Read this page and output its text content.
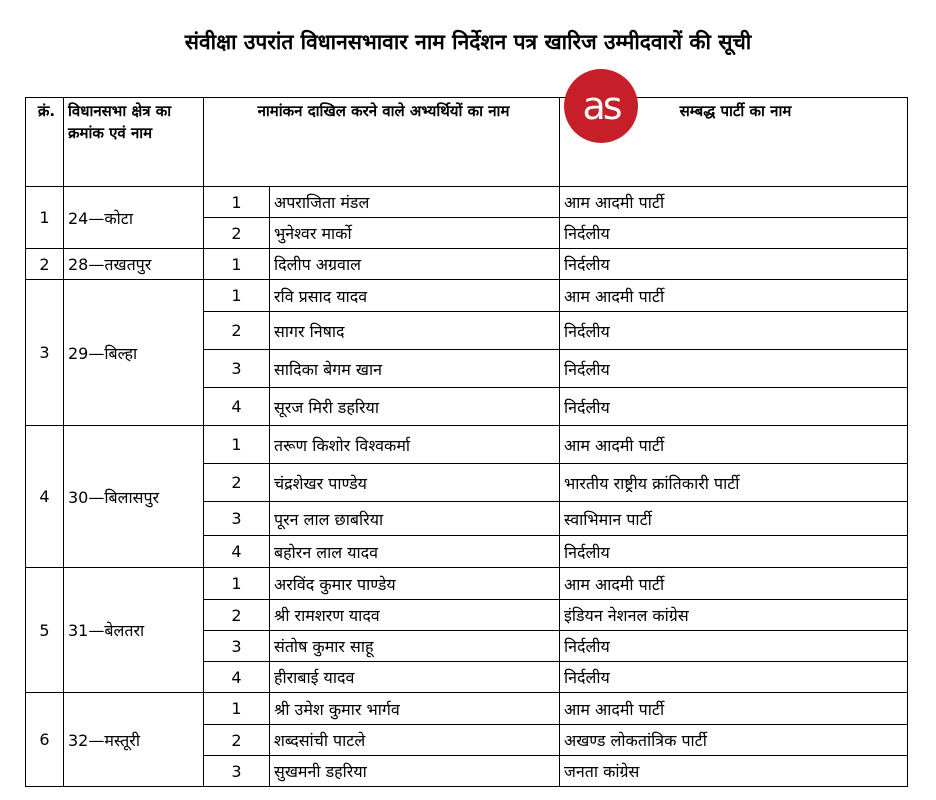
संवीक्षा उपरांत विधानसभावार नाम निर्देशन पत्र खारिज उम्मीदवारों की सूची
क्रं.	विधानसभा क्षेत्र का क्रमांक एवं नाम	नामांकन दाखिल करने वाले अभ्यर्थियों का नाम		सम्बद्ध पार्टी का नाम
1	24—कोटा	1	अपराजिता मंडल	आम आदमी पार्टी
		2	भुनेश्वर मार्को	निर्दलीय
2	28—तखतपुर	1	दिलीप अग्रवाल	निर्दलीय
3	29—बिल्हा	1	रवि प्रसाद यादव	आम आदमी पार्टी
		2	सागर निषाद	निर्दलीय
		3	सादिका बेगम खान	निर्दलीय
		4	सूरज मिरी डहरिया	निर्दलीय
4	30—बिलासपुर	1	तरूण किशोर विश्वकर्मा	आम आदमी पार्टी
		2	चंद्रशेखर पाण्डेय	भारतीय राष्ट्रीय क्रांतिकारी पार्टी
		3	पूरन लाल छाबरिया	स्वाभिमान पार्टी
		4	बहोरन लाल यादव	निर्दलीय
5	31—बेलतरा	1	अरविंद कुमार पाण्डेय	आम आदमी पार्टी
		2	श्री रामशरण यादव	इंडियन नेशनल कांग्रेस
		3	संतोष कुमार साहू	निर्दलीय
		4	हीराबाई यादव	निर्दलीय
6	32—मस्तूरी	1	श्री उमेश कुमार भार्गव	आम आदमी पार्टी
		2	शब्दसांची पाटले	अखण्ड लोकतांत्रिक पार्टी
		3	सुखमनी डहरिया	जनता कांग्रेस
as
